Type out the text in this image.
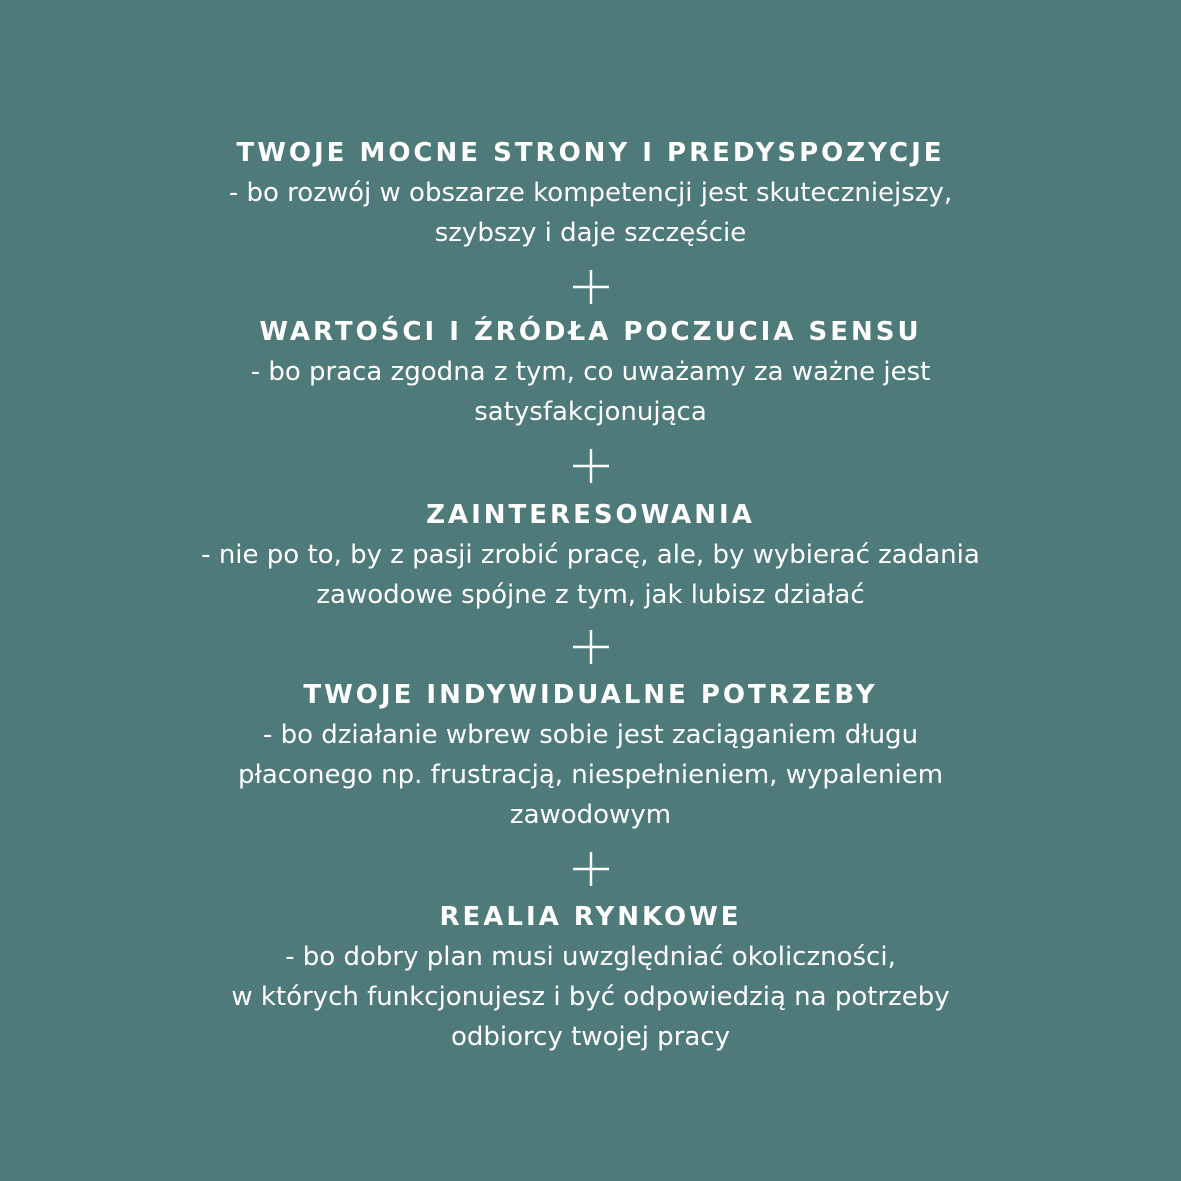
TWOJE MOCNE STRONY I PREDYSPOZYCJE
- bo rozwój w obszarze kompetencji jest skuteczniejszy,
szybszy i daje szczęście
WARTOŚCI I ŹRÓDŁA POCZUCIA SENSU
- bo praca zgodna z tym, co uważamy za ważne jest
satysfakcjonująca
ZAINTERESOWANIA
- nie po to, by z pasji zrobić pracę, ale, by wybierać zadania
zawodowe spójne z tym, jak lubisz działać
TWOJE INDYWIDUALNE POTRZEBY
- bo działanie wbrew sobie jest zaciąganiem długu
płaconego np. frustracją, niespełnieniem, wypaleniem
zawodowym
REALIA RYNKOWE
- bo dobry plan musi uwzględniać okoliczności,
w których funkcjonujesz i być odpowiedzią na potrzeby
odbiorcy twojej pracy
